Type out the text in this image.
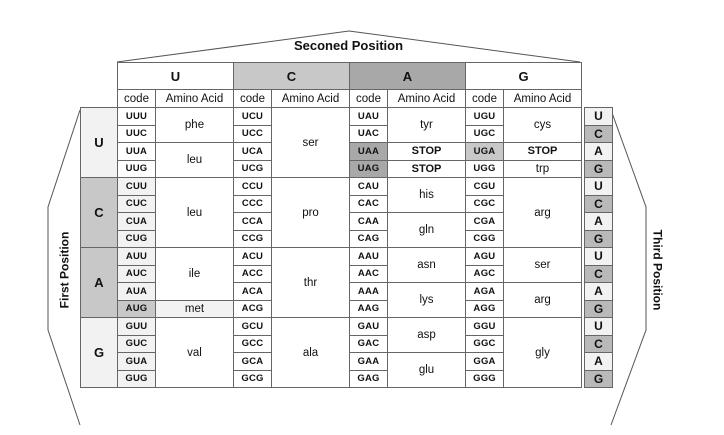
Seconed Position
First Position	Third Position
	U		C		A		G			
	code	Amino Acid	code	Amino Acid	code	Amino Acid	code	Amino Acid		
U	UUU	phe	UCU	ser	UAU	tyr	UGU	cys		U
	UUC		UCC		UAC		UGC			C
	UUA	leu	UCA		UAA	STOP	UGA	STOP		A
	UUG		UCG		UAG	STOP	UGG	trp		G
C	CUU	leu	CCU	pro	CAU	his	CGU	arg		U
	CUC		CCC		CAC		CGC			C
	CUA		CCA		CAA	gln	CGA			A
	CUG		CCG		CAG		CGG			G
A	AUU	ile	ACU	thr	AAU	asn	AGU	ser		U
	AUC		ACC		AAC		AGC			C
	AUA		ACA		AAA	lys	AGA	arg		A
	AUG	met	ACG		AAG		AGG			G
G	GUU	val	GCU	ala	GAU	asp	GGU	gly		U
	GUC		GCC		GAC		GGC			C
	GUA		GCA		GAA	glu	GGA			A
	GUG		GCG		GAG		GGG			G
